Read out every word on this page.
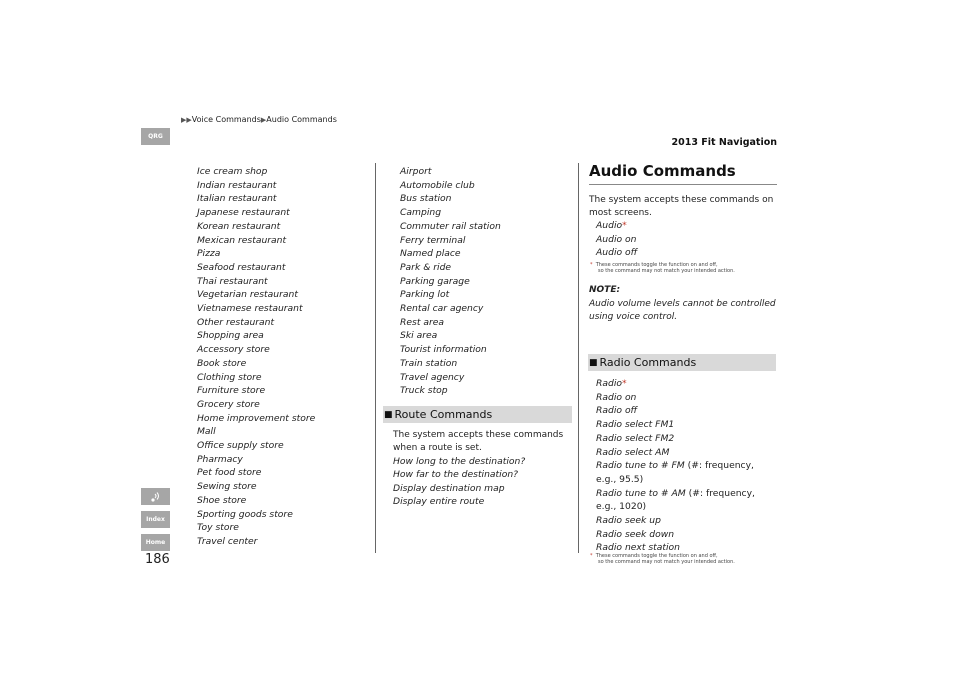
▶▶Voice Commands▶Audio Commands
2013 Fit Navigation
QRG
Index
Home
186
Ice cream shop
Indian restaurant
Italian restaurant
Japanese restaurant
Korean restaurant
Mexican restaurant
Pizza
Seafood restaurant
Thai restaurant
Vegetarian restaurant
Vietnamese restaurant
Other restaurant
Shopping area
Accessory store
Book store
Clothing store
Furniture store
Grocery store
Home improvement store
Mall
Office supply store
Pharmacy
Pet food store
Sewing store
Shoe store
Sporting goods store
Toy store
Travel center
Airport
Automobile club
Bus station
Camping
Commuter rail station
Ferry terminal
Named place
Park & ride
Parking garage
Parking lot
Rental car agency
Rest area
Ski area
Tourist information
Train station
Travel agency
Truck stop
■ Route Commands
The system accepts these commands when a route is set.
How long to the destination?
How far to the destination?
Display destination map
Display entire route
Audio Commands
The system accepts these commands on most screens.
Audio*
Audio on
Audio off
* These commands toggle the function on and off,
so the command may not match your intended action.
NOTE:
Audio volume levels cannot be controlled using voice control.
■ Radio Commands
Radio*
Radio on
Radio off
Radio select FM1
Radio select FM2
Radio select AM
Radio tune to # FM (#: frequency,
e.g., 95.5)
Radio tune to # AM (#: frequency,
e.g., 1020)
Radio seek up
Radio seek down
Radio next station
* These commands toggle the function on and off,
so the command may not match your intended action.
